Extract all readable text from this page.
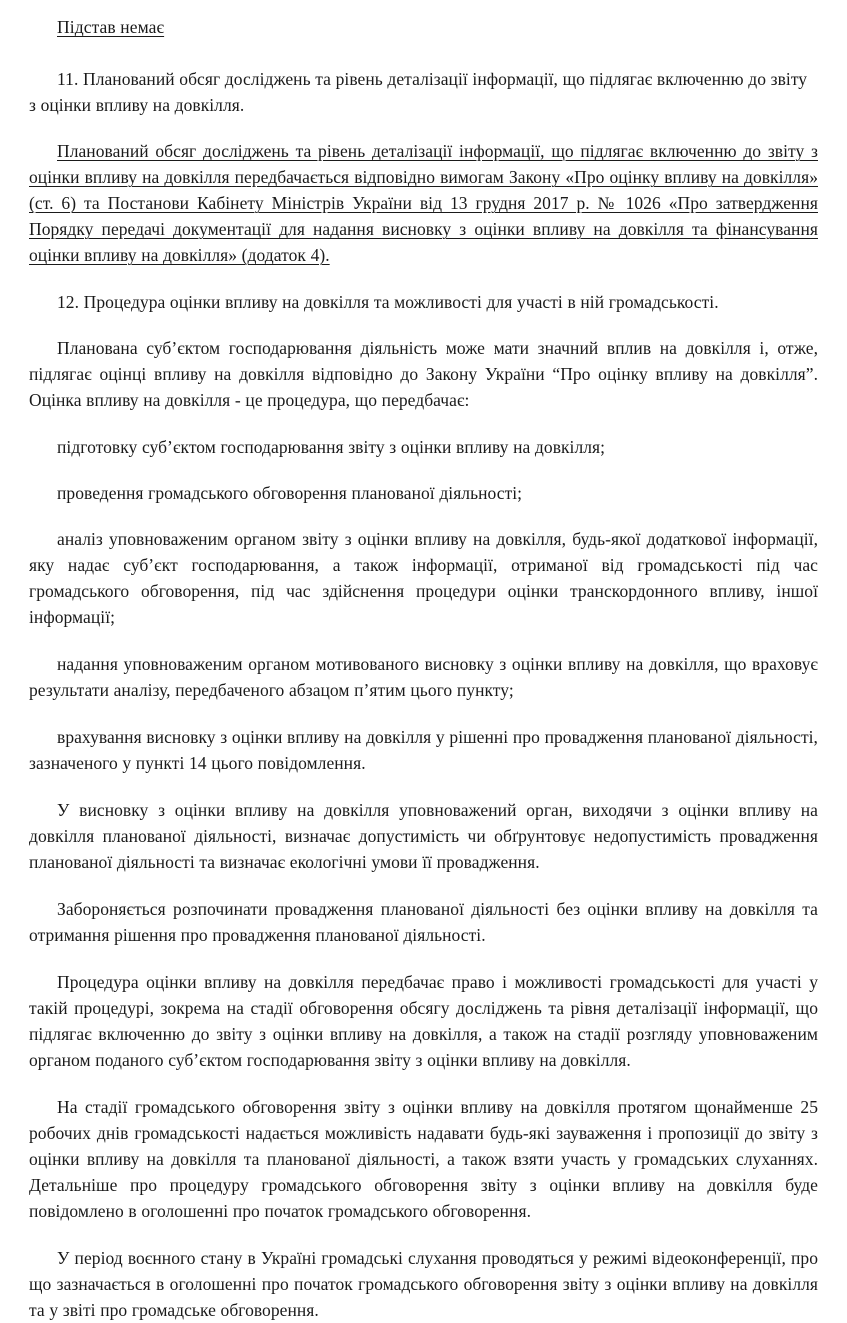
Підстав немає

11. Планований обсяг досліджень та рівень деталізації інформації, що підлягає включенню до звіту з оцінки впливу на довкілля.

Планований обсяг досліджень та рівень деталізації інформації, що підлягає включенню до звіту з оцінки впливу на довкілля передбачається відповідно вимогам Закону «Про оцінку впливу на довкілля» (ст. 6) та Постанови Кабінету Міністрів України від 13 грудня 2017 р. № 1026 «Про затвердження Порядку передачі документації для надання висновку з оцінки впливу на довкілля та фінансування оцінки впливу на довкілля» (додаток 4).

12. Процедура оцінки впливу на довкілля та можливості для участі в ній громадськості.

Планована суб’єктом господарювання діяльність може мати значний вплив на довкілля і, отже, підлягає оцінці впливу на довкілля відповідно до Закону України “Про оцінку впливу на довкілля”. Оцінка впливу на довкілля - це процедура, що передбачає:

підготовку суб’єктом господарювання звіту з оцінки впливу на довкілля;

проведення громадського обговорення планованої діяльності;

аналіз уповноваженим органом звіту з оцінки впливу на довкілля, будь-якої додаткової інформації, яку надає суб’єкт господарювання, а також інформації, отриманої від громадськості під час громадського обговорення, під час здійснення процедури оцінки транскордонного впливу, іншої інформації;

надання уповноваженим органом мотивованого висновку з оцінки впливу на довкілля, що враховує результати аналізу, передбаченого абзацом п’ятим цього пункту;

врахування висновку з оцінки впливу на довкілля у рішенні про провадження планованої діяльності, зазначеного у пункті 14 цього повідомлення.

У висновку з оцінки впливу на довкілля уповноважений орган, виходячи з оцінки впливу на довкілля планованої діяльності, визначає допустимість чи обґрунтовує недопустимість провадження планованої діяльності та визначає екологічні умови її провадження.

Забороняється розпочинати провадження планованої діяльності без оцінки впливу на довкілля та отримання рішення про провадження планованої діяльності.

Процедура оцінки впливу на довкілля передбачає право і можливості громадськості для участі у такій процедурі, зокрема на стадії обговорення обсягу досліджень та рівня деталізації інформації, що підлягає включенню до звіту з оцінки впливу на довкілля, а також на стадії розгляду уповноваженим органом поданого суб’єктом господарювання звіту з оцінки впливу на довкілля.

На стадії громадського обговорення звіту з оцінки впливу на довкілля протягом щонайменше 25 робочих днів громадськості надається можливість надавати будь-які зауваження і пропозиції до звіту з оцінки впливу на довкілля та планованої діяльності, а також взяти участь у громадських слуханнях. Детальніше про процедуру громадського обговорення звіту з оцінки впливу на довкілля буде повідомлено в оголошенні про початок громадського обговорення.

У період воєнного стану в Україні громадські слухання проводяться у режимі відеоконференції, про що зазначається в оголошенні про початок громадського обговорення звіту з оцінки впливу на довкілля та у звіті про громадське обговорення.
